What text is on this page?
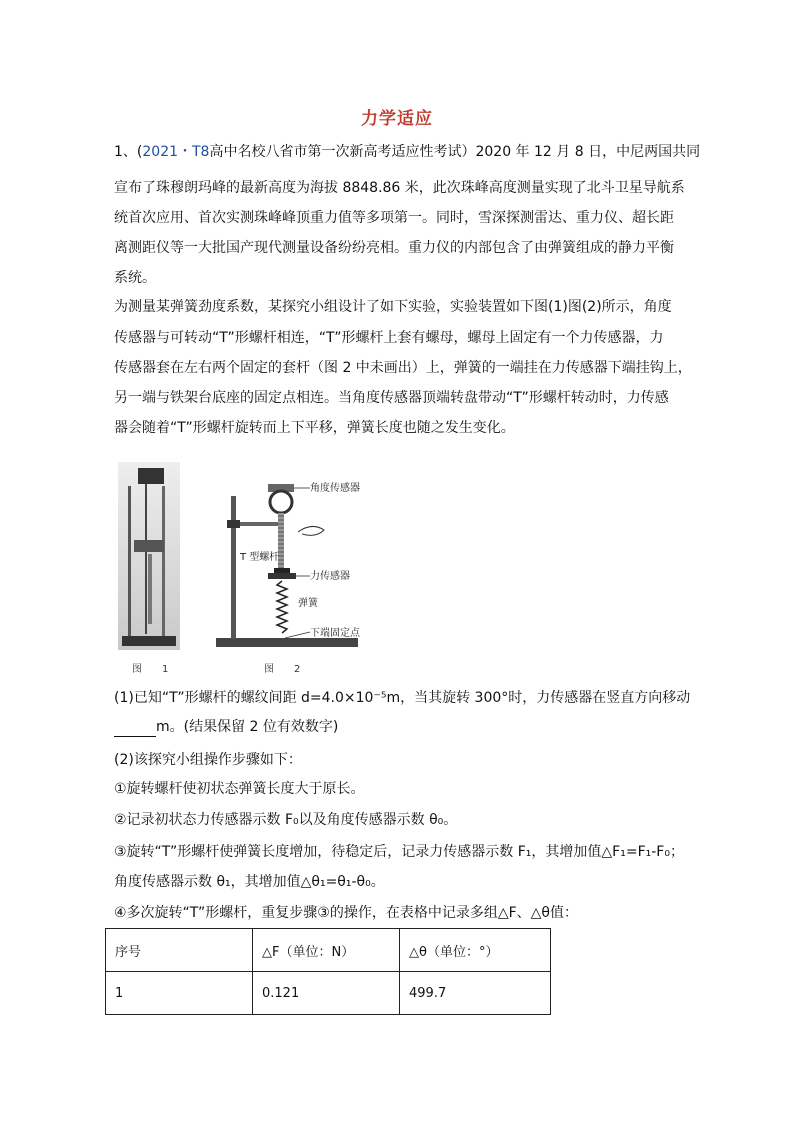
力学适应
1、(2021・T8高中名校八省市第一次新高考适应性考试）2020 年 12 月 8 日，中尼两国共同
宣布了珠穆朗玛峰的最新高度为海拔 8848.86 米，此次珠峰高度测量实现了北斗卫星导航系
统首次应用、首次实测珠峰峰顶重力值等多项第一。同时，雪深探测雷达、重力仪、超长距
离测距仪等一大批国产现代测量设备纷纷亮相。重力仪的内部包含了由弹簧组成的静力平衡
系统。
为测量某弹簧劲度系数，某探究小组设计了如下实验，实验装置如下图(1)图(2)所示，角度
传感器与可转动“T”形螺杆相连，“T”形螺杆上套有螺母，螺母上固定有一个力传感器，力
传感器套在左右两个固定的套杆（图 2 中未画出）上，弹簧的一端挂在力传感器下端挂钩上，
另一端与铁架台底座的固定点相连。当角度传感器顶端转盘带动“T”形螺杆转动时，力传感
器会随着“T”形螺杆旋转而上下平移，弹簧长度也随之发生变化。
图　　1
角度传感器
T 型螺杆
力传感器
弹簧
下端固定点
图　　2
(1)已知“T”形螺杆的螺纹间距 d=4.0×10⁻⁵m，当其旋转 300°时，力传感器在竖直方向移动
m。(结果保留 2 位有效数字)
(2)该探究小组操作步骤如下：
①旋转螺杆使初状态弹簧长度大于原长。
②记录初状态力传感器示数 F₀以及角度传感器示数 θ₀。
③旋转“T”形螺杆使弹簧长度增加，待稳定后，记录力传感器示数 F₁，其增加值△F₁=F₁-F₀；
角度传感器示数 θ₁，其增加值△θ₁=θ₁-θ₀。
④多次旋转“T”形螺杆，重复步骤③的操作，在表格中记录多组△F、△θ值：
序号	△F（单位：N）	△θ（单位：°）
1	0.121	499.7
